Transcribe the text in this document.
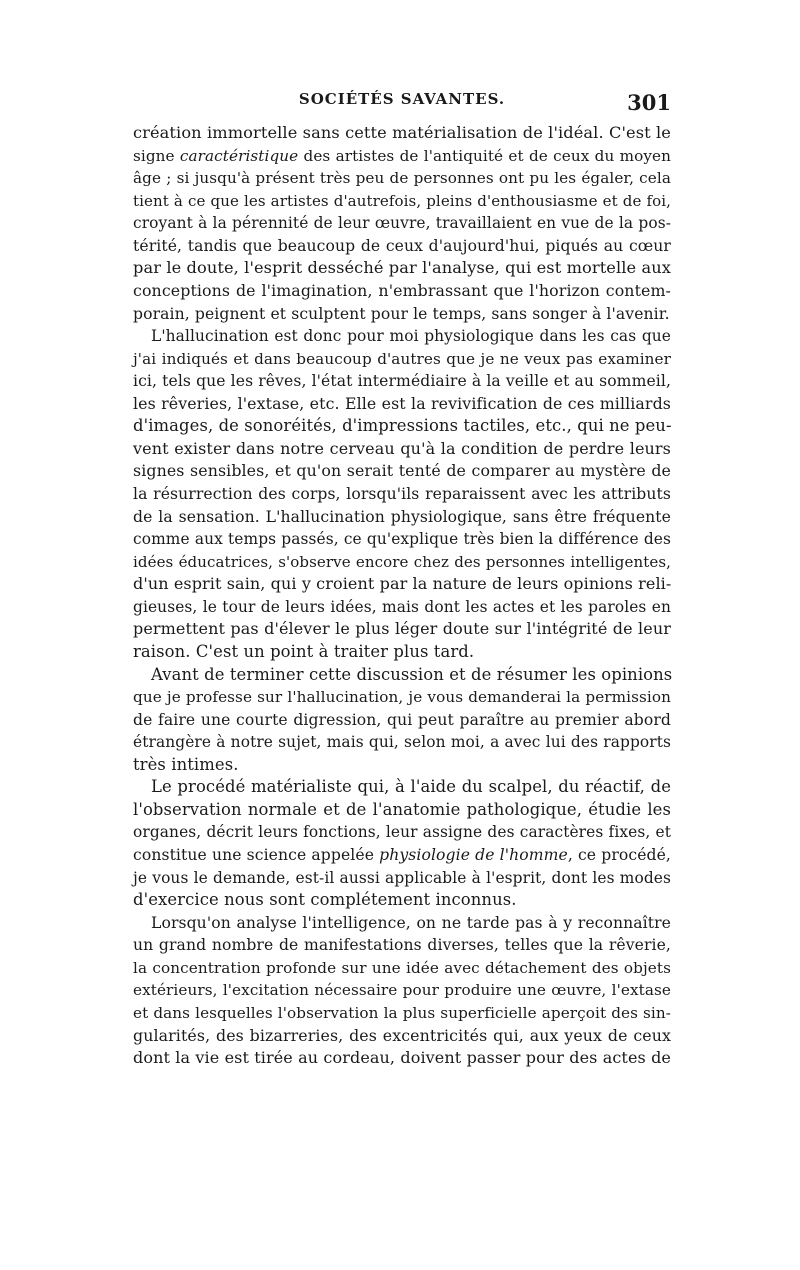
SOCIÉTÉS SAVANTES.	301
création immortelle sans cette matérialisation de l'idéal. C'est le
signe caractéristique des artistes de l'antiquité et de ceux du moyen
âge ; si jusqu'à présent très peu de personnes ont pu les égaler, cela
tient à ce que les artistes d'autrefois, pleins d'enthousiasme et de foi,
croyant à la pérennité de leur œuvre, travaillaient en vue de la pos-
térité, tandis que beaucoup de ceux d'aujourd'hui, piqués au cœur
par le doute, l'esprit desséché par l'analyse, qui est mortelle aux
conceptions de l'imagination, n'embrassant que l'horizon contem-
porain, peignent et sculptent pour le temps, sans songer à l'avenir.
L'hallucination est donc pour moi physiologique dans les cas que
j'ai indiqués et dans beaucoup d'autres que je ne veux pas examiner
ici, tels que les rêves, l'état intermédiaire à la veille et au sommeil,
les rêveries, l'extase, etc. Elle est la revivification de ces milliards
d'images, de sonoréités, d'impressions tactiles, etc., qui ne peu-
vent exister dans notre cerveau qu'à la condition de perdre leurs
signes sensibles, et qu'on serait tenté de comparer au mystère de
la résurrection des corps, lorsqu'ils reparaissent avec les attributs
de la sensation. L'hallucination physiologique, sans être fréquente
comme aux temps passés, ce qu'explique très bien la différence des
idées éducatrices, s'observe encore chez des personnes intelligentes,
d'un esprit sain, qui y croient par la nature de leurs opinions reli-
gieuses, le tour de leurs idées, mais dont les actes et les paroles en
permettent pas d'élever le plus léger doute sur l'intégrité de leur
raison. C'est un point à traiter plus tard.
Avant de terminer cette discussion et de résumer les opinions
que je professe sur l'hallucination, je vous demanderai la permission
de faire une courte digression, qui peut paraître au premier abord
étrangère à notre sujet, mais qui, selon moi, a avec lui des rapports
très intimes.
Le procédé matérialiste qui, à l'aide du scalpel, du réactif, de
l'observation normale et de l'anatomie pathologique, étudie les
organes, décrit leurs fonctions, leur assigne des caractères fixes, et
constitue une science appelée physiologie de l'homme, ce procédé,
je vous le demande, est-il aussi applicable à l'esprit, dont les modes
d'exercice nous sont complétement inconnus.
Lorsqu'on analyse l'intelligence, on ne tarde pas à y reconnaître
un grand nombre de manifestations diverses, telles que la rêverie,
la concentration profonde sur une idée avec détachement des objets
extérieurs, l'excitation nécessaire pour produire une œuvre, l'extase
et dans lesquelles l'observation la plus superficielle aperçoit des sin-
gularités, des bizarreries, des excentricités qui, aux yeux de ceux
dont la vie est tirée au cordeau, doivent passer pour des actes de
